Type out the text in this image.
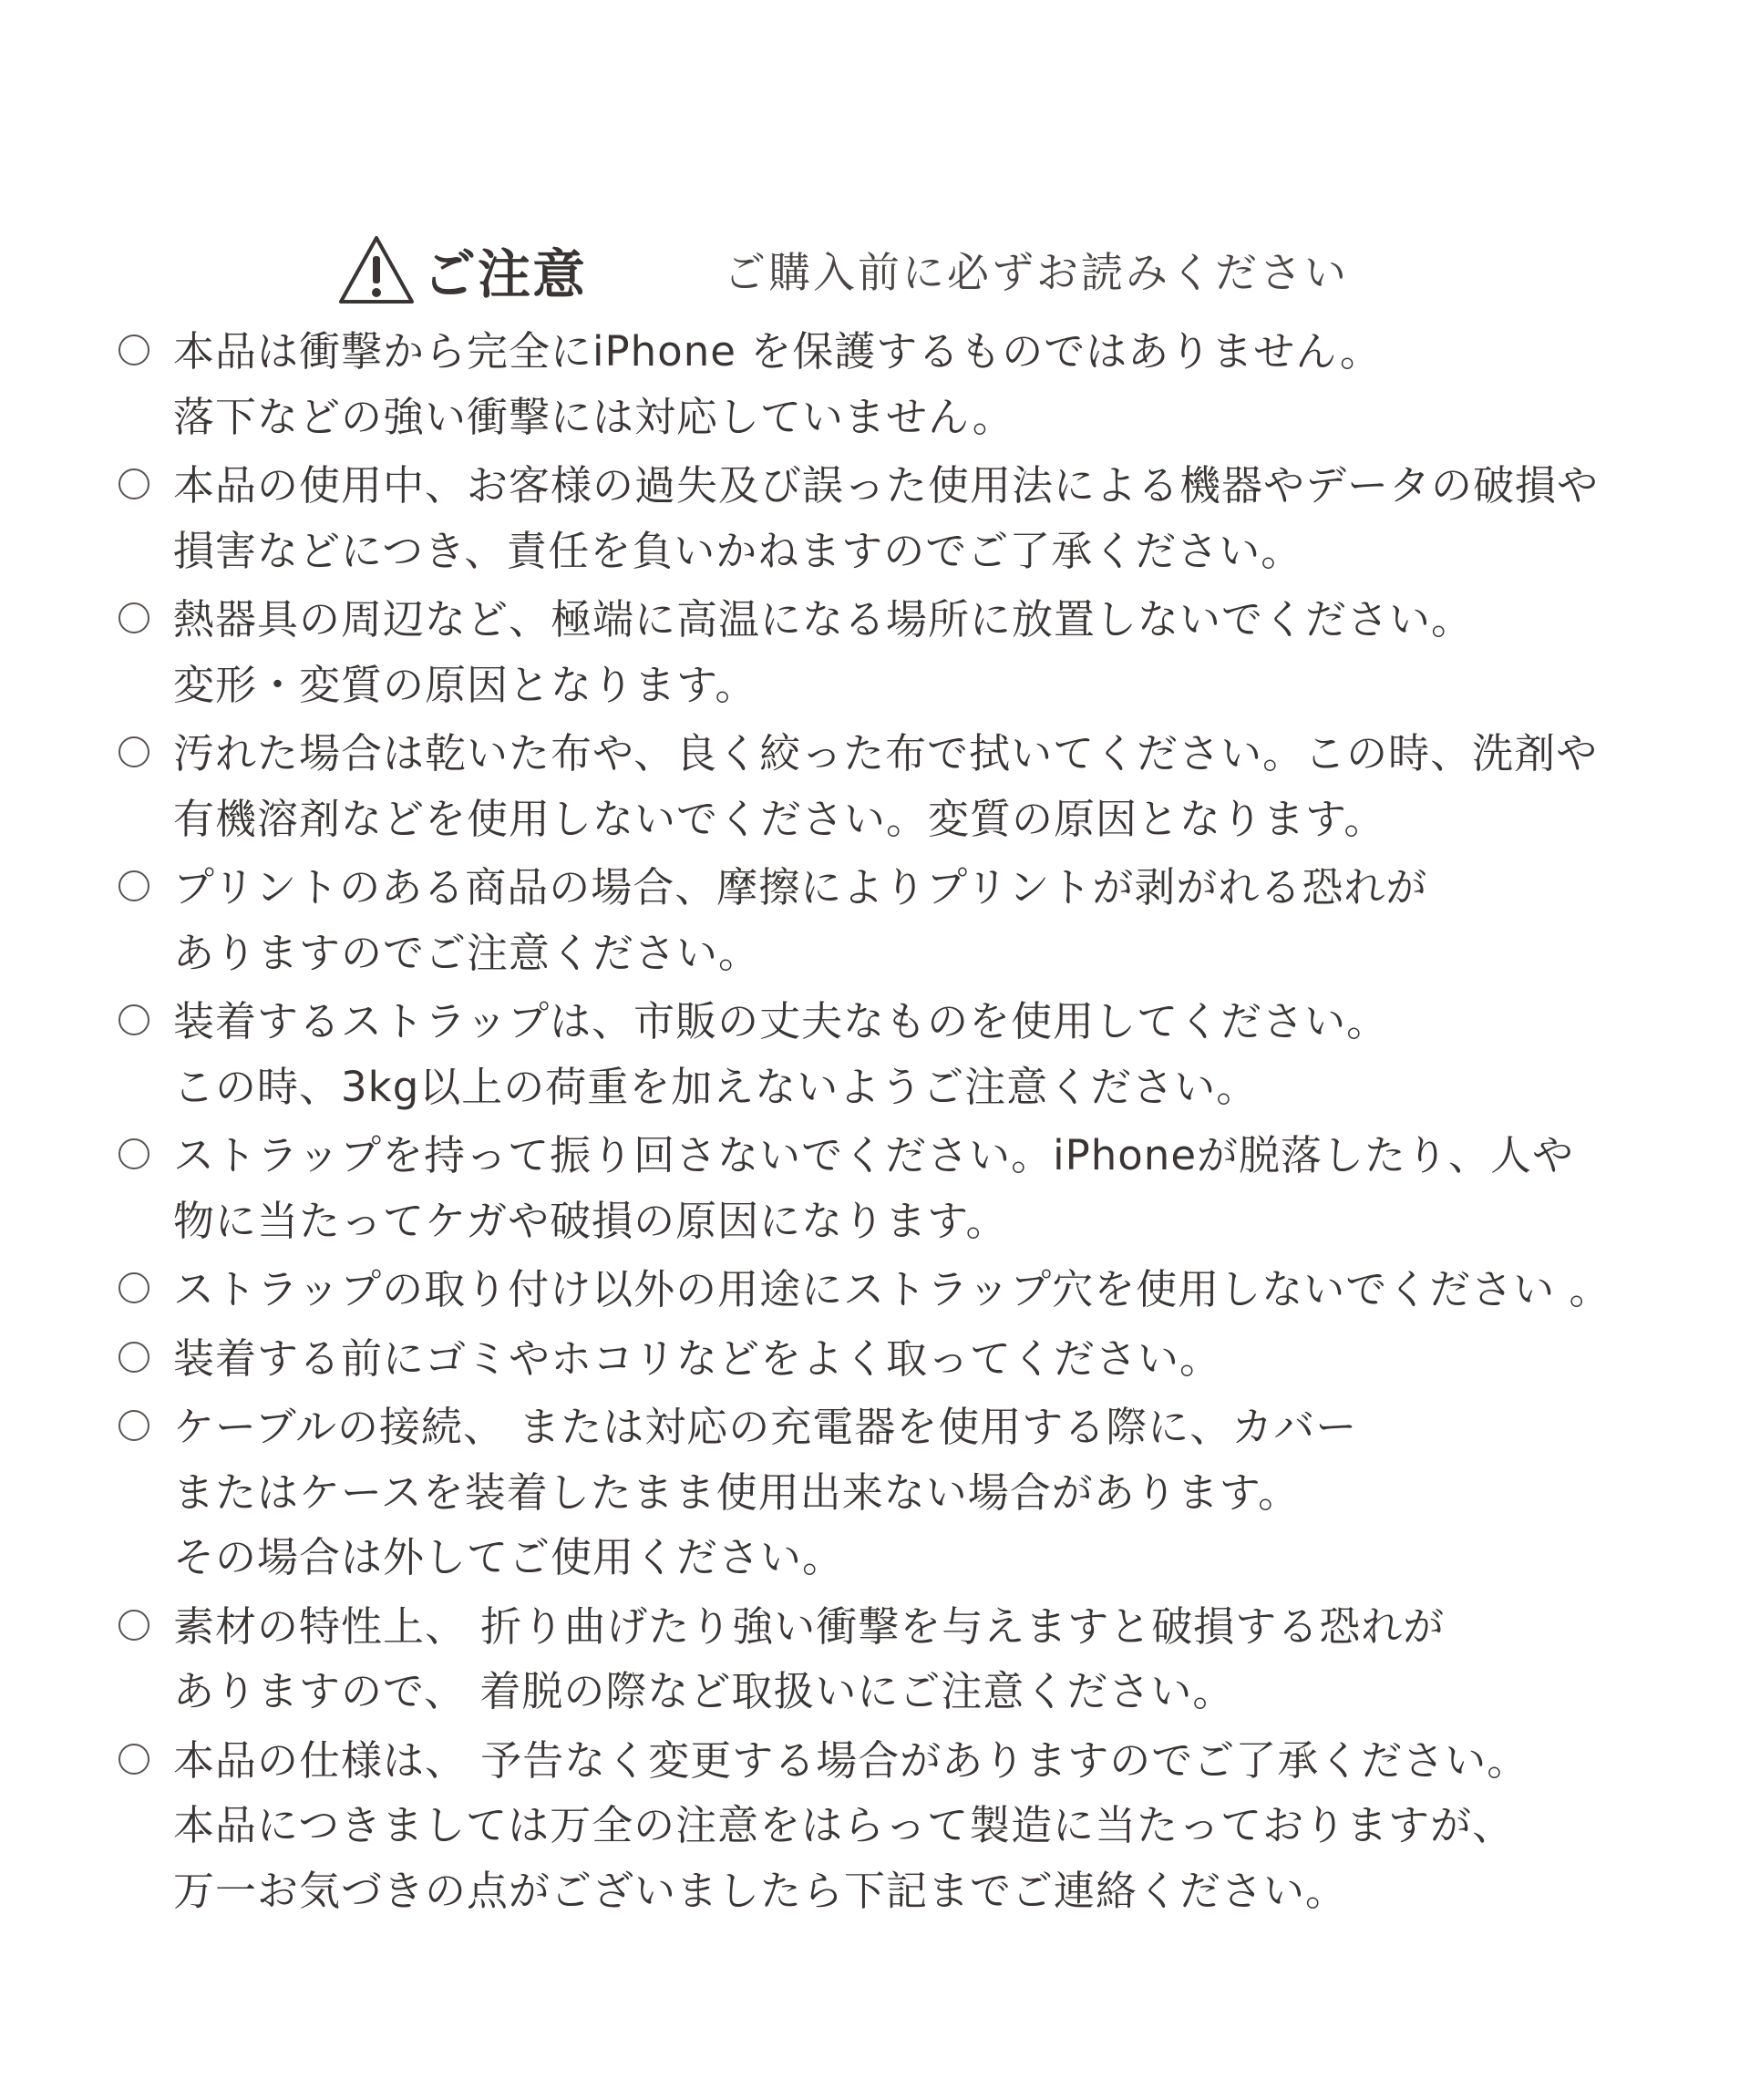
ご注意	ご購入前に必ずお読みください
本品は衝撃から完全にiPhone を保護するものではありません。
落下などの強い衝撃には対応していません。
本品の使用中、お客様の過失及び誤った使用法による機器やデータの破損や
損害などにつき、責任を負いかねますのでご了承ください。
熱器具の周辺など、極端に高温になる場所に放置しないでください。
変形・変質の原因となります。
汚れた場合は乾いた布や、良く絞った布で拭いてください。この時、洗剤や
有機溶剤などを使用しないでください。変質の原因となります。
プリントのある商品の場合、摩擦によりプリントが剥がれる恐れが
ありますのでご注意ください。
装着するストラップは、市販の丈夫なものを使用してください。
この時、3kg以上の荷重を加えないようご注意ください。
ストラップを持って振り回さないでください。iPhoneが脱落したり、人や
物に当たってケガや破損の原因になります。
ストラップの取り付け以外の用途にストラップ穴を使用しないでください 。
装着する前にゴミやホコリなどをよく取ってください。
ケーブルの接続、 または対応の充電器を使用する際に、カバー
またはケースを装着したまま使用出来ない場合があります。
その場合は外してご使用ください。
素材の特性上、 折り曲げたり強い衝撃を与えますと破損する恐れが
ありますので、 着脱の際など取扱いにご注意ください。
本品の仕様は、 予告なく変更する場合がありますのでご了承ください。
本品につきましては万全の注意をはらって製造に当たっておりますが、
万一お気づきの点がございましたら下記までご連絡ください。
